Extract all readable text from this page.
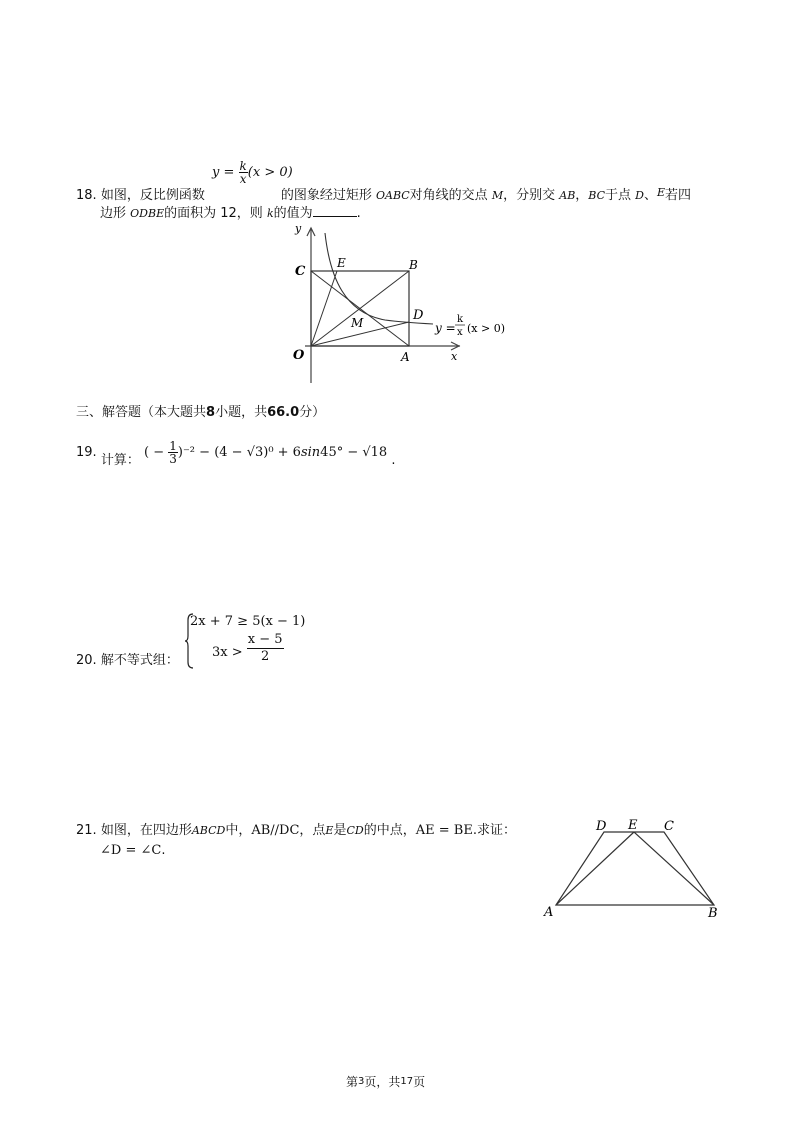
$y = \frac{k}{x} (x > 0)$
18. 如图，反比例函数	的图象经过矩形 OABC对角线的交点 M，分别交 AB，BC于点 D、$^E$若四
边形 ODBE的面积为 12，则 k的值为	.
y
x
O	A
B
C
D
E
M	y =
k
x (x > 0)
三、解答题（本大题共8小题，共66.0分）
19. 计算： ( − $\frac{1}{3} )^{-2} - (4 - √3)^0 + 6\sin 45^\circ - √18$ .
20. 解不等式组：
2x + 7 ≥ 5(x − 1)
$3x > \frac{x - 5}{2}$
21. 如图，在四边形ABCD中，AB//DC，点E是CD的中点，AE = BE.求证：
∠D = ∠C.
D E C
A	B
第3页，共17页
